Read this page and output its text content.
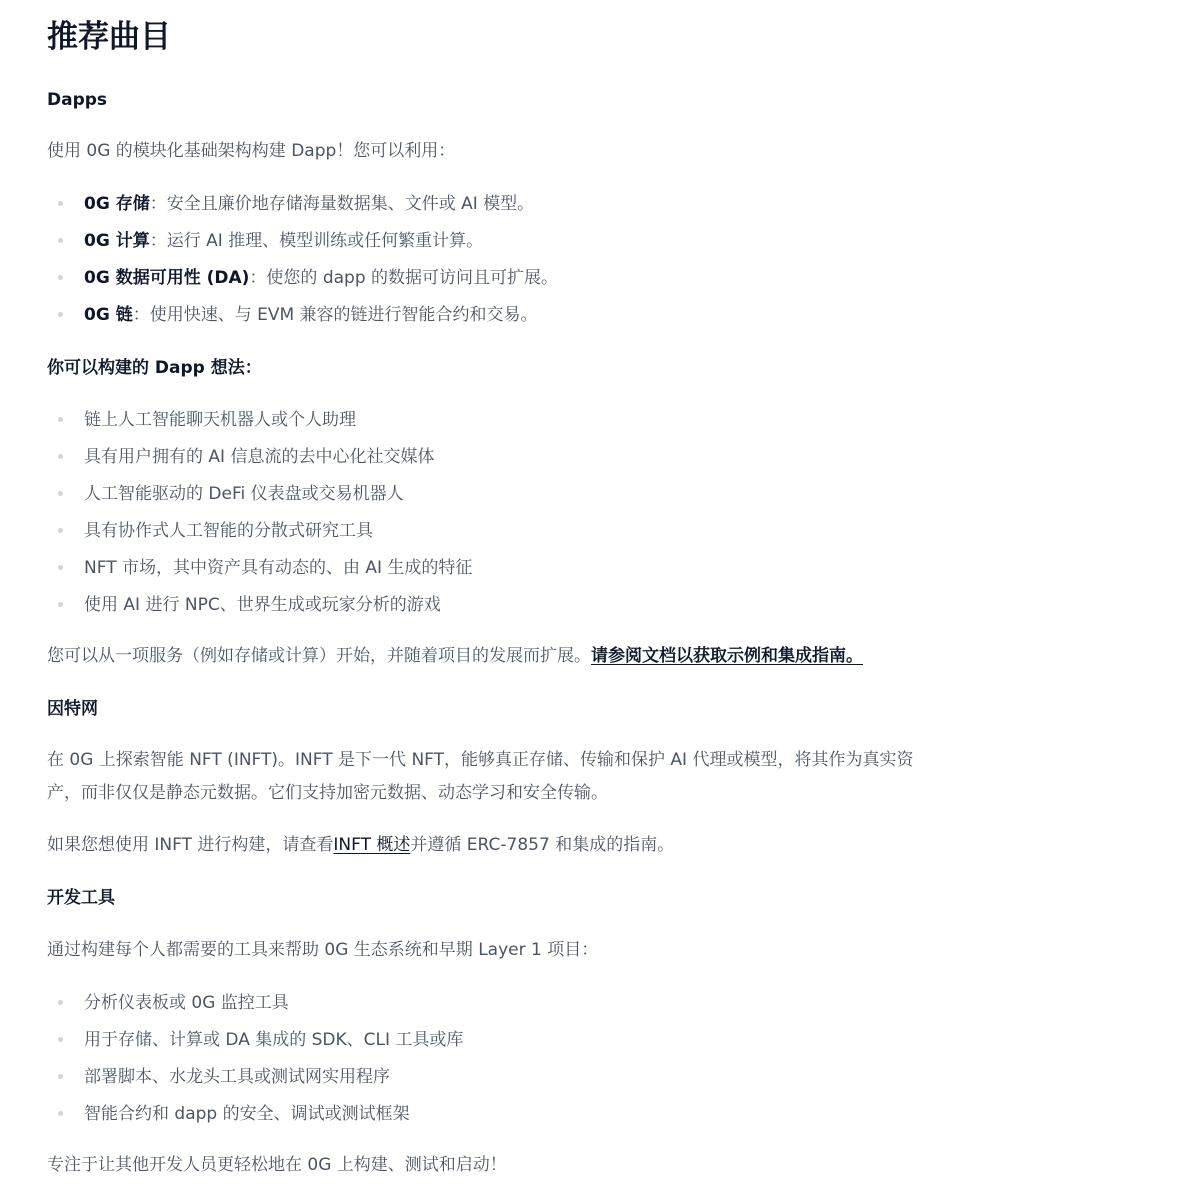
推荐曲目
Dapps

使用 0G 的模块化基础架构构建 Dapp！您可以利用：

0G 存储：安全且廉价地存储海量数据集、文件或 AI 模型。
0G 计算：运行 AI 推理、模型训练或任何繁重计算。
0G 数据可用性 (DA)：使您的 dapp 的数据可访问且可扩展。
0G 链：使用快速、与 EVM 兼容的链进行智能合约和交易。
你可以构建的 Dapp 想法：
链上人工智能聊天机器人或个人助理
具有用户拥有的 AI 信息流的去中心化社交媒体
人工智能驱动的 DeFi 仪表盘或交易机器人
具有协作式人工智能的分散式研究工具
NFT 市场，其中资产具有动态的、由 AI 生成的特征
使用 AI 进行 NPC、世界生成或玩家分析的游戏

您可以从一项服务（例如存储或计算）开始，并随着项目的发展而扩展。请参阅文档以获取示例和集成指南。

因特网

在 0G 上探索智能 NFT (INFT)。INFT 是下一代 NFT，能够真正存储、传输和保护 AI 代理或模型，将其作为真实资产，而非仅仅是静态元数据。它们支持加密元数据、动态学习和安全传输。

如果您想使用 INFT 进行构建，请查看INFT 概述并遵循 ERC-7857 和集成的指南。

开发工具

通过构建每个人都需要的工具来帮助 0G 生态系统和早期 Layer 1 项目：

分析仪表板或 0G 监控工具
用于存储、计算或 DA 集成的 SDK、CLI 工具或库
部署脚本、水龙头工具或测试网实用程序
智能合约和 dapp 的安全、调试或测试框架

专注于让其他开发人员更轻松地在 0G 上构建、测试和启动！
